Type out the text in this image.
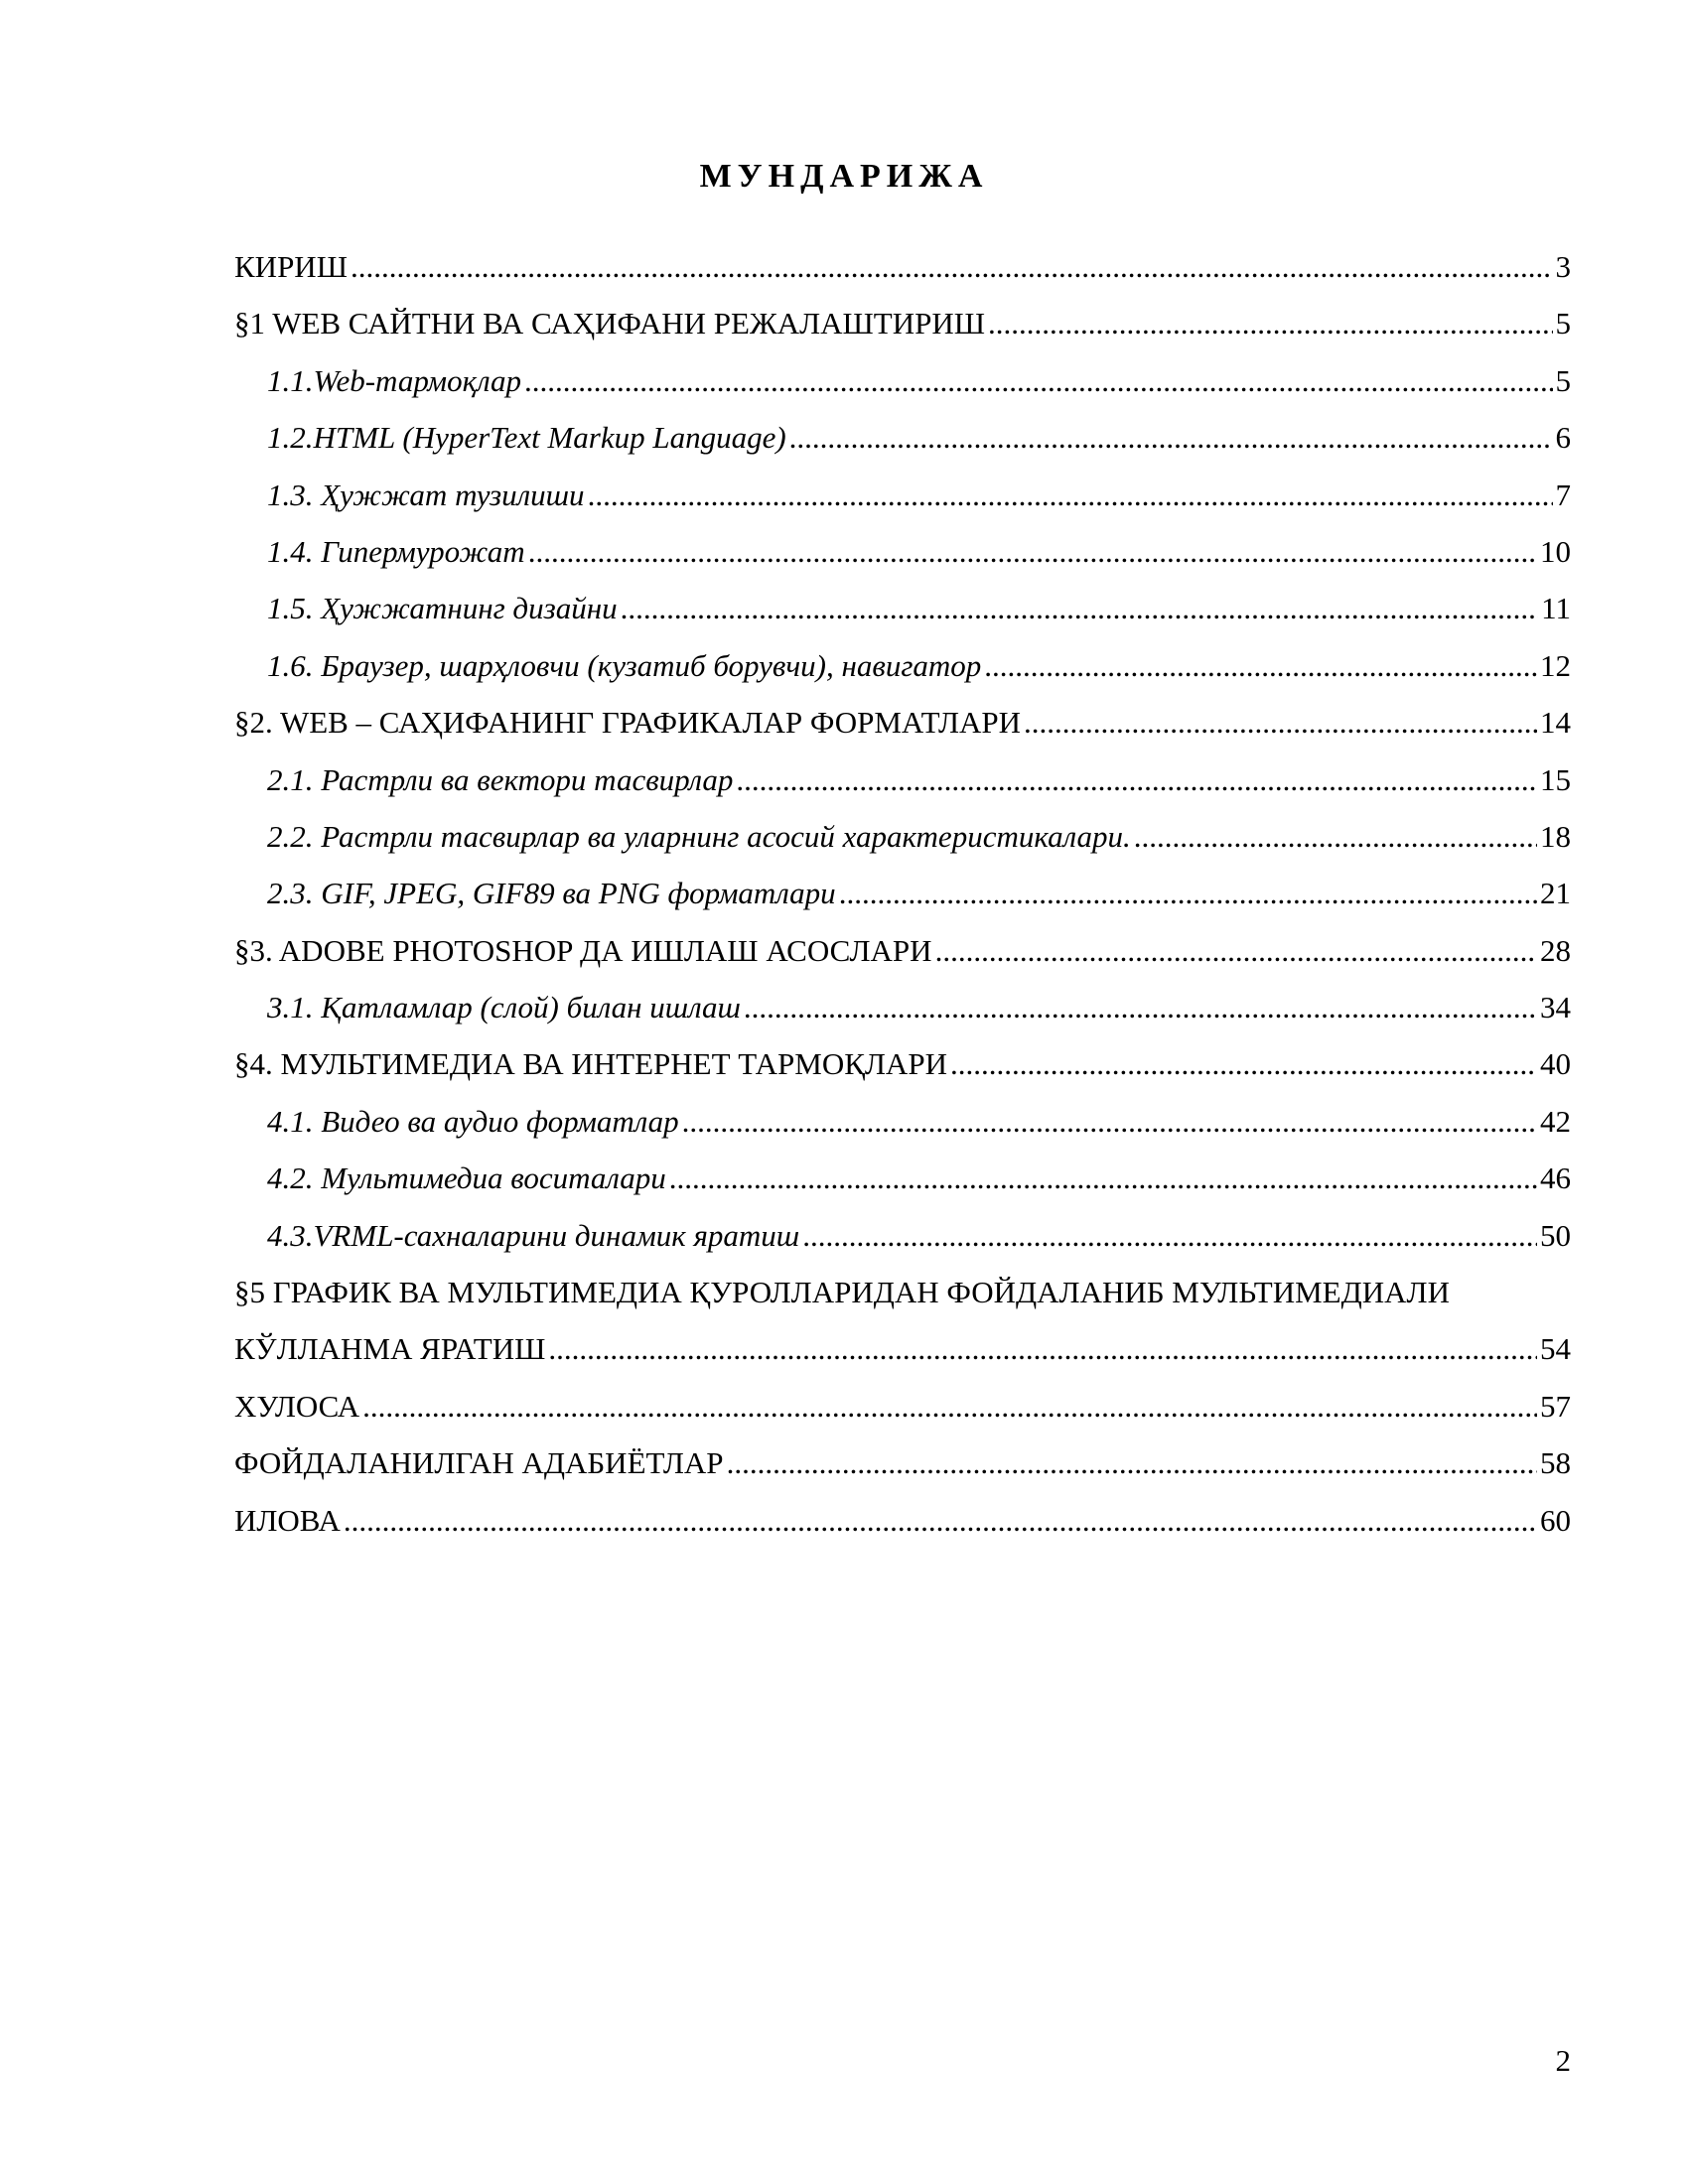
МУНДАРИЖА
КИРИШ .....	3
§1 WEB САЙТНИ ВА САҲИФАНИ РЕЖАЛАШТИРИШ .....	5
1.1.Web-тармоқлар .....	5
1.2.HTML (HyperText Markup Language) .....	6
1.3. Ҳужжат тузилиши .....	7
1.4. Гипермурожат .....	10
1.5. Ҳужжатнинг дизайни .....	11
1.6. Браузер, шарҳловчи (кузатиб борувчи), навигатор .....	12
§2. WEB – САҲИФАНИНГ ГРАФИКАЛАР ФОРМАТЛАРИ .....	14
2.1. Растрли ва вектори тасвирлар .....	15
2.2. Растрли тасвирлар ва уларнинг асосий характеристикалари. .....	18
2.3. GIF, JPEG, GIF89 ва PNG форматлари .....	21
§3. ADOBE PHOTOSHOP ДА ИШЛАШ АСОСЛАРИ .....	28
3.1. Қатламлар (слой) билан ишлаш .....	34
§4. МУЛЬТИМЕДИА ВА ИНТЕРНЕТ ТАРМОҚЛАРИ .....	40
4.1. Видео ва аудио форматлар .....	42
4.2. Мультимедиа воситалари .....	46
4.3.VRML-сахналарини динамик яратиш .....	50
§5 ГРАФИК ВА МУЛЬТИМЕДИА ҚУРОЛЛАРИДАН ФОЙДАЛАНИБ МУЛЬТИМЕДИАЛИ
КЎЛЛАНМА ЯРАТИШ .....	54
ХУЛОСА .....	57
ФОЙДАЛАНИЛГАН АДАБИЁТЛАР .....	58
ИЛОВА .....	60
2
